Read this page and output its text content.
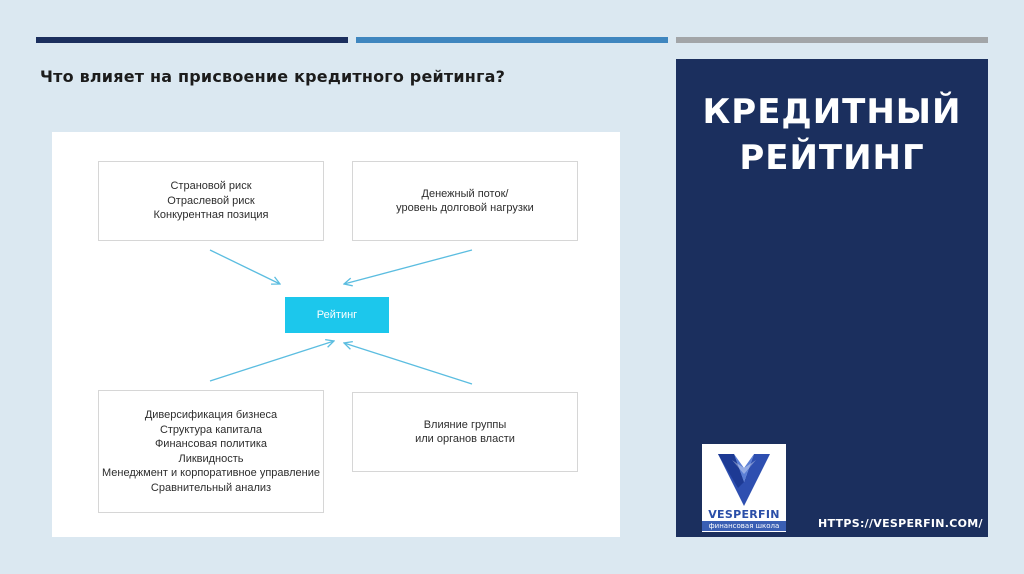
Что влияет на присвоение кредитного рейтинга?
Страновой риск
Отраслевой риск
Конкурентная позиция
Денежный поток/
уровень долговой нагрузки
Рейтинг
Диверсификация бизнеса
Структура капитала
Финансовая политика
Ликвидность
Менеджмент и корпоративное управление
Сравнительный анализ
Влияние группы
или органов власти
КРЕДИТНЫЙ РЕЙТИНГ
VESPERFIN
финансовая школа	HTTPS://VESPERFIN.COM/
